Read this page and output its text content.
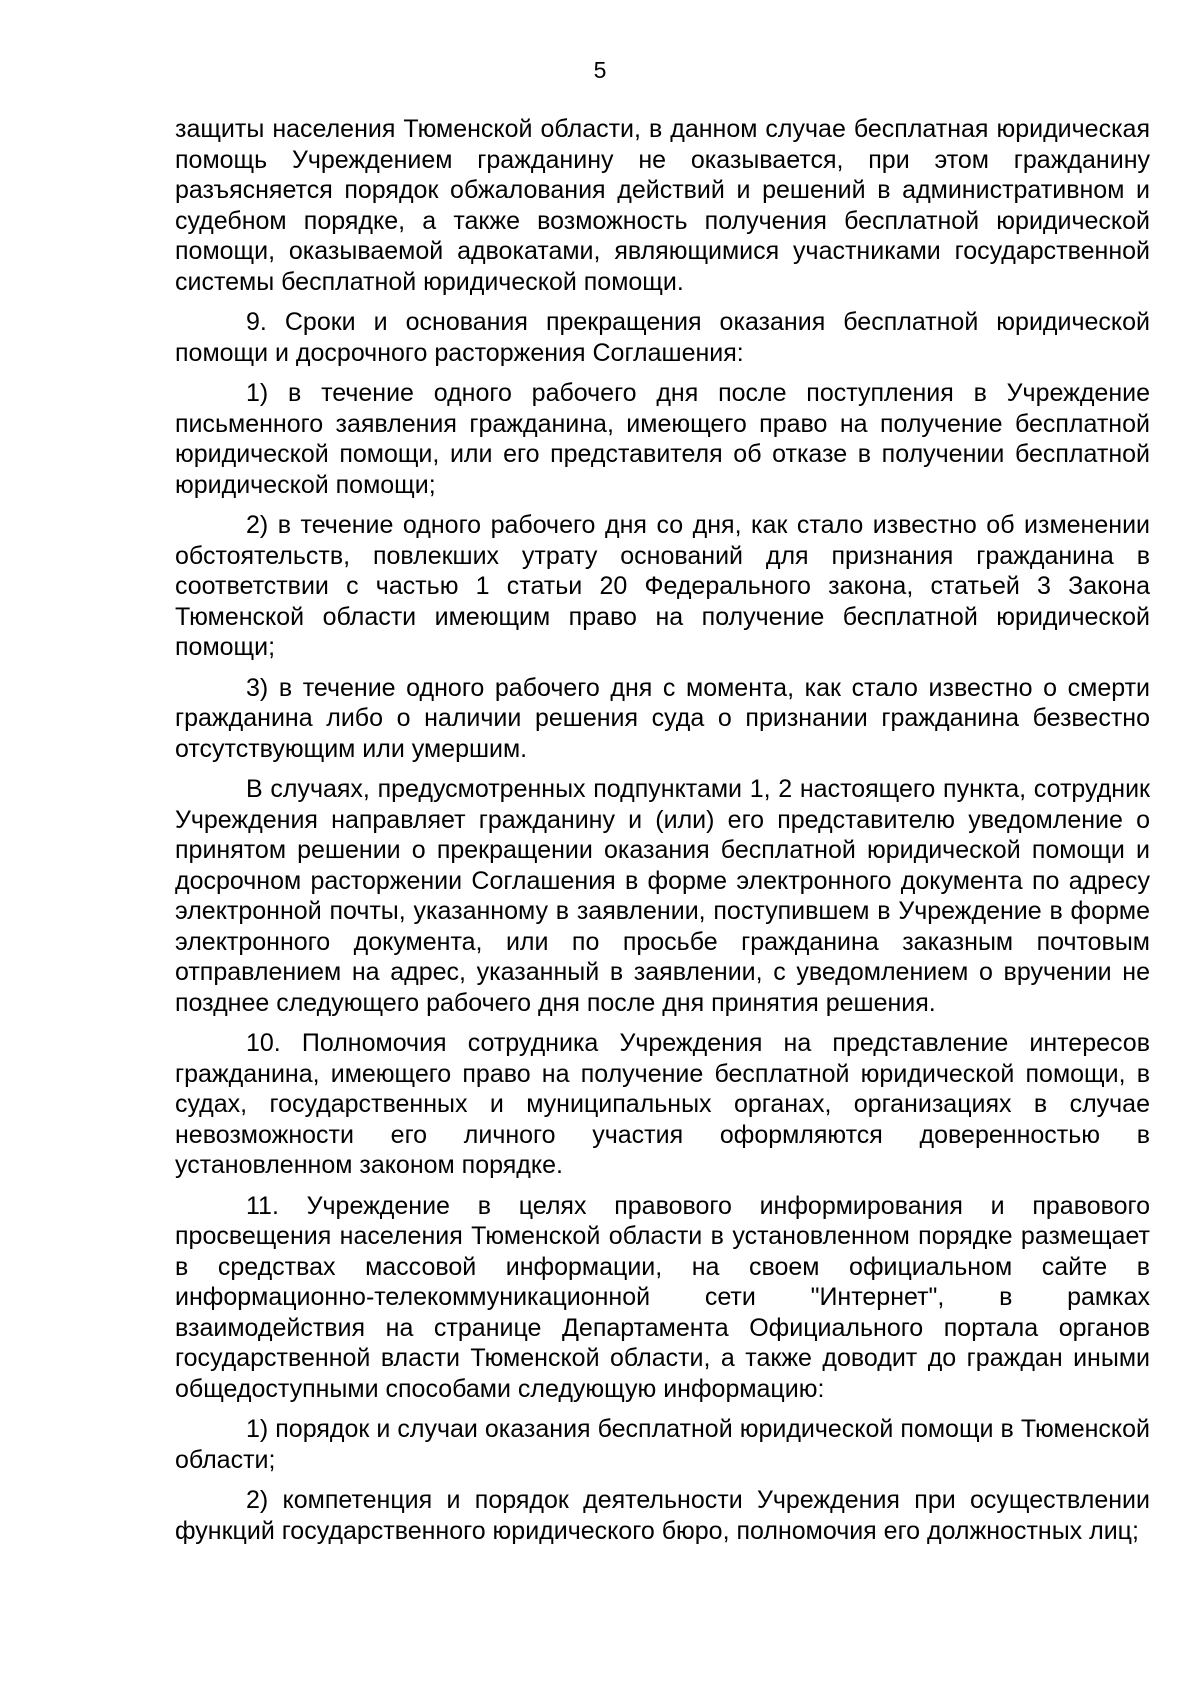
5

защиты населения Тюменской области, в данном случае бесплатная юридическая помощь Учреждением гражданину не оказывается, при этом гражданину разъясняется порядок обжалования действий и решений в административном и судебном порядке, а также возможность получения бесплатной юридической помощи, оказываемой адвокатами, являющимися участниками государственной системы бесплатной юридической помощи.

9. Сроки и основания прекращения оказания бесплатной юридической помощи и досрочного расторжения Соглашения:

1) в течение одного рабочего дня после поступления в Учреждение письменного заявления гражданина, имеющего право на получение бесплатной юридической помощи, или его представителя об отказе в получении бесплатной юридической помощи;

2) в течение одного рабочего дня со дня, как стало известно об изменении обстоятельств, повлекших утрату оснований для признания гражданина в соответствии с частью 1 статьи 20 Федерального закона, статьей 3 Закона Тюменской области имеющим право на получение бесплатной юридической помощи;

3) в течение одного рабочего дня с момента, как стало известно о смерти гражданина либо о наличии решения суда о признании гражданина безвестно отсутствующим или умершим.

В случаях, предусмотренных подпунктами 1, 2 настоящего пункта, сотрудник Учреждения направляет гражданину и (или) его представителю уведомление о принятом решении о прекращении оказания бесплатной юридической помощи и досрочном расторжении Соглашения в форме электронного документа по адресу электронной почты, указанному в заявлении, поступившем в Учреждение в форме электронного документа, или по просьбе гражданина заказным почтовым отправлением на адрес, указанный в заявлении, с уведомлением о вручении не позднее следующего рабочего дня после дня принятия решения.

10. Полномочия сотрудника Учреждения на представление интересов гражданина, имеющего право на получение бесплатной юридической помощи, в судах, государственных и муниципальных органах, организациях в случае невозможности его личного участия оформляются доверенностью в установленном законом порядке.

11. Учреждение в целях правового информирования и правового просвещения населения Тюменской области в установленном порядке размещает в средствах массовой информации, на своем официальном сайте в информационно-телекоммуникационной сети "Интернет", в рамках взаимодействия на странице Департамента Официального портала органов государственной власти Тюменской области, а также доводит до граждан иными общедоступными способами следующую информацию:

1) порядок и случаи оказания бесплатной юридической помощи в Тюменской области;

2) компетенция и порядок деятельности Учреждения при осуществлении функций государственного юридического бюро, полномочия его должностных лиц;
